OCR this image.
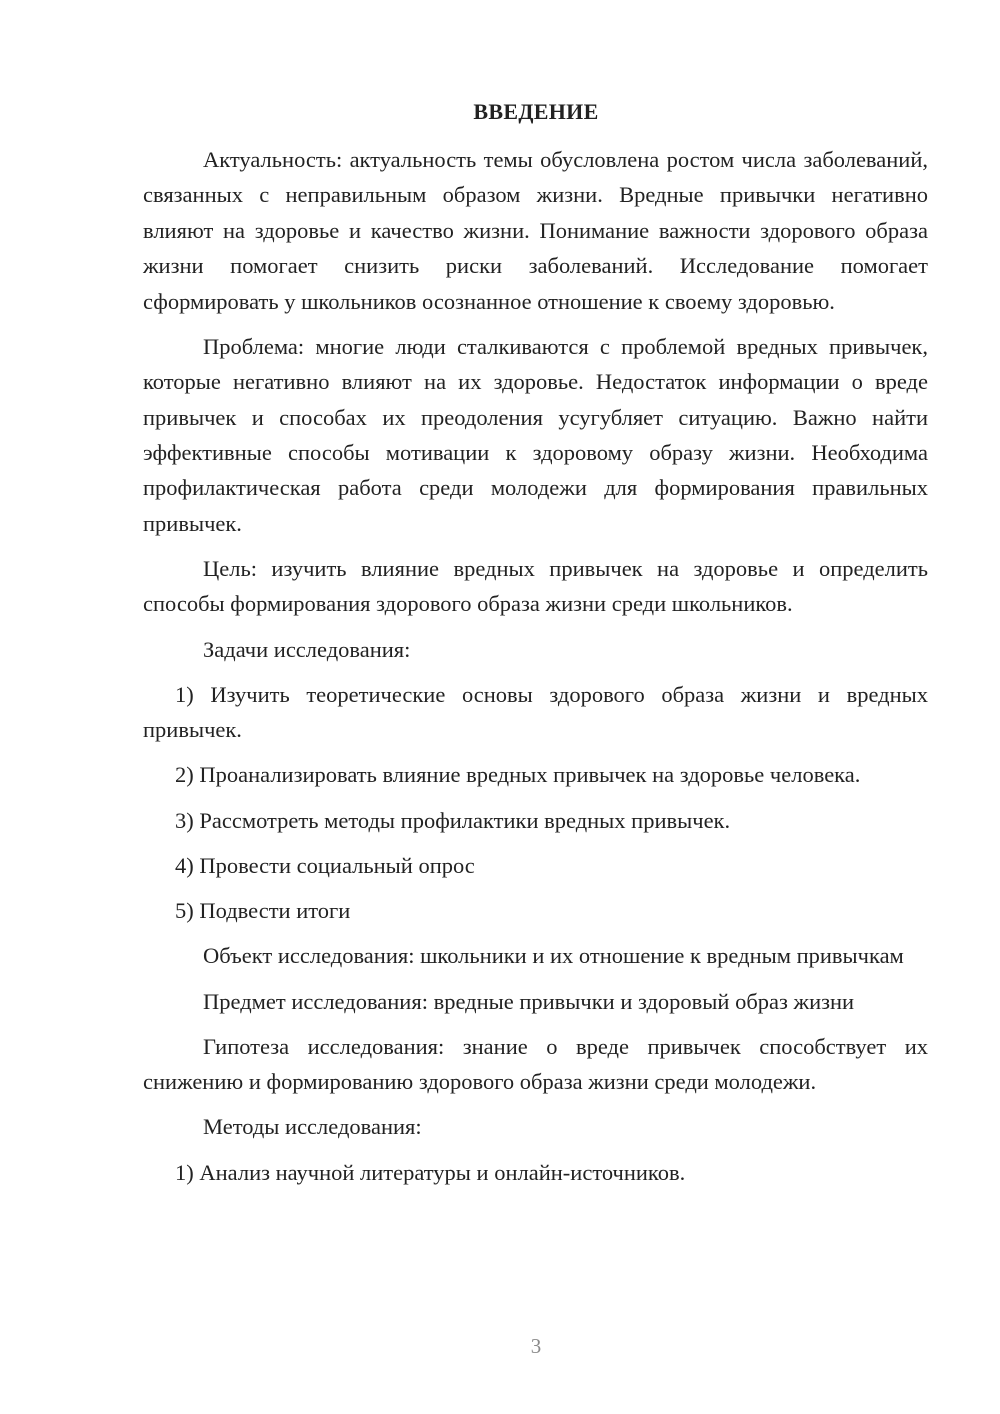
ВВЕДЕНИЕ

Актуальность: актуальность темы обусловлена ростом числа заболеваний, связанных с неправильным образом жизни. Вредные привычки негативно влияют на здоровье и качество жизни. Понимание важности здорового образа жизни помогает снизить риски заболеваний. Исследование помогает сформировать у школьников осознанное отношение к своему здоровью.

Проблема: многие люди сталкиваются с проблемой вредных привычек, которые негативно влияют на их здоровье. Недостаток информации о вреде привычек и способах их преодоления усугубляет ситуацию. Важно найти эффективные способы мотивации к здоровому образу жизни. Необходима профилактическая работа среди молодежи для формирования правильных привычек.

Цель: изучить влияние вредных привычек на здоровье и определить способы формирования здорового образа жизни среди школьников.

Задачи исследования:

1) Изучить теоретические основы здорового образа жизни и вредных привычек.

2) Проанализировать влияние вредных привычек на здоровье человека.

3) Рассмотреть методы профилактики вредных привычек.

4) Провести социальный опрос

5) Подвести итоги

Объект исследования: школьники и их отношение к вредным привычкам

Предмет исследования: вредные привычки и здоровый образ жизни

Гипотеза исследования: знание о вреде привычек способствует их снижению и формированию здорового образа жизни среди молодежи.

Методы исследования:

1) Анализ научной литературы и онлайн-источников.

3
